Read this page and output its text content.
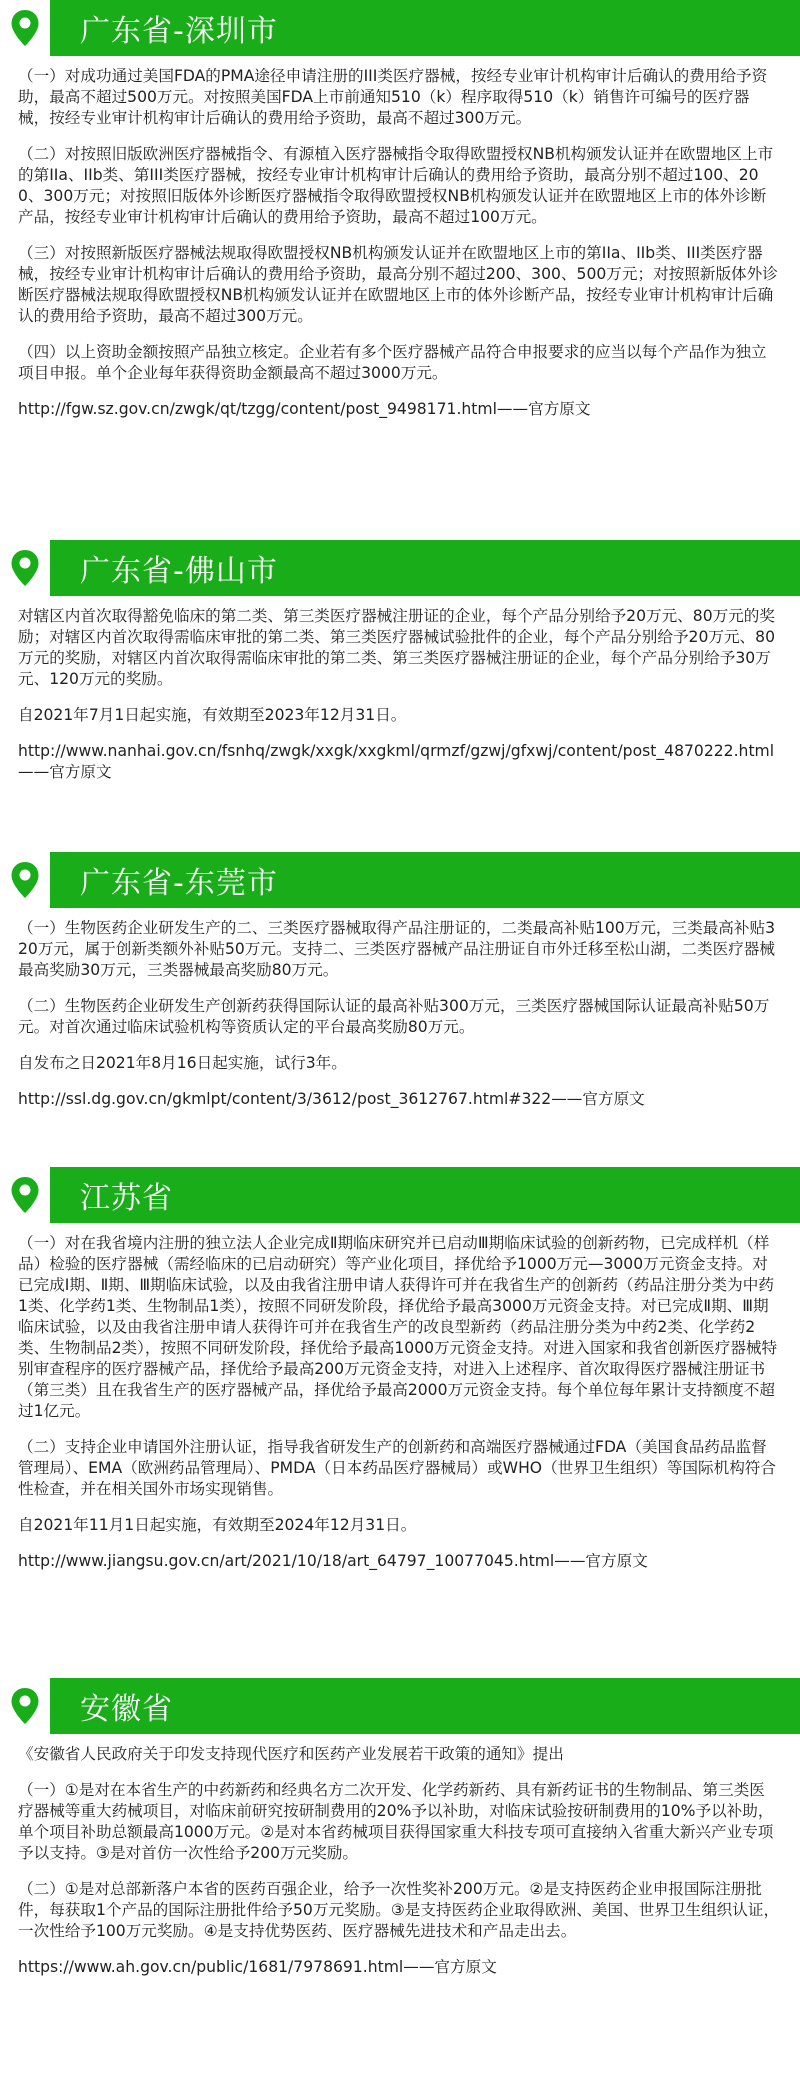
广东省-深圳市

（一）对成功通过美国FDA的PMA途径申请注册的III类医疗器械，按经专业审计机构审计后确认的费用给予资助，最高不超过500万元。对按照美国FDA上市前通知510（k）程序取得510（k）销售许可编号的医疗器械，按经专业审计机构审计后确认的费用给予资助，最高不超过300万元。

（二）对按照旧版欧洲医疗器械指令、有源植入医疗器械指令取得欧盟授权NB机构颁发认证并在欧盟地区上市的第IIa、IIb类、第III类医疗器械，按经专业审计机构审计后确认的费用给予资助，最高分别不超过100、200、300万元；对按照旧版体外诊断医疗器械指令取得欧盟授权NB机构颁发认证并在欧盟地区上市的体外诊断产品，按经专业审计机构审计后确认的费用给予资助，最高不超过100万元。

（三）对按照新版医疗器械法规取得欧盟授权NB机构颁发认证并在欧盟地区上市的第IIa、IIb类、III类医疗器械，按经专业审计机构审计后确认的费用给予资助，最高分别不超过200、300、500万元；对按照新版体外诊断医疗器械法规取得欧盟授权NB机构颁发认证并在欧盟地区上市的体外诊断产品，按经专业审计机构审计后确认的费用给予资助，最高不超过300万元。

（四）以上资助金额按照产品独立核定。企业若有多个医疗器械产品符合申报要求的应当以每个产品作为独立项目申报。单个企业每年获得资助金额最高不超过3000万元。

http://fgw.sz.gov.cn/zwgk/qt/tzgg/content/post_9498171.html——官方原文

广东省-佛山市

对辖区内首次取得豁免临床的第二类、第三类医疗器械注册证的企业，每个产品分别给予20万元、80万元的奖励；对辖区内首次取得需临床审批的第二类、第三类医疗器械试验批件的企业，每个产品分别给予20万元、80万元的奖励，对辖区内首次取得需临床审批的第二类、第三类医疗器械注册证的企业，每个产品分别给予30万元、120万元的奖励。

自2021年7月1日起实施，有效期至2023年12月31日。

http://www.nanhai.gov.cn/fsnhq/zwgk/xxgk/xxgkml/qrmzf/gzwj/gfxwj/content/post_4870222.html——官方原文

广东省-东莞市

（一）生物医药企业研发生产的二、三类医疗器械取得产品注册证的，二类最高补贴100万元，三类最高补贴320万元，属于创新类额外补贴50万元。支持二、三类医疗器械产品注册证自市外迁移至松山湖，二类医疗器械最高奖励30万元，三类器械最高奖励80万元。

（二）生物医药企业研发生产创新药获得国际认证的最高补贴300万元，三类医疗器械国际认证最高补贴50万元。对首次通过临床试验机构等资质认定的平台最高奖励80万元。

自发布之日2021年8月16日起实施，试行3年。

http://ssl.dg.gov.cn/gkmlpt/content/3/3612/post_3612767.html#322——官方原文

江苏省

（一）对在我省境内注册的独立法人企业完成Ⅱ期临床研究并已启动Ⅲ期临床试验的创新药物，已完成样机（样品）检验的医疗器械（需经临床的已启动研究）等产业化项目，择优给予1000万元—3000万元资金支持。对已完成Ⅰ期、Ⅱ期、Ⅲ期临床试验，以及由我省注册申请人获得许可并在我省生产的创新药（药品注册分类为中药1类、化学药1类、生物制品1类），按照不同研发阶段，择优给予最高3000万元资金支持。对已完成Ⅱ期、Ⅲ期临床试验，以及由我省注册申请人获得许可并在我省生产的改良型新药（药品注册分类为中药2类、化学药2类、生物制品2类），按照不同研发阶段，择优给予最高1000万元资金支持。对进入国家和我省创新医疗器械特别审查程序的医疗器械产品，择优给予最高200万元资金支持，对进入上述程序、首次取得医疗器械注册证书（第三类）且在我省生产的医疗器械产品，择优给予最高2000万元资金支持。每个单位每年累计支持额度不超过1亿元。

（二）支持企业申请国外注册认证，指导我省研发生产的创新药和高端医疗器械通过FDA（美国食品药品监督管理局）、EMA（欧洲药品管理局）、PMDA（日本药品医疗器械局）或WHO（世界卫生组织）等国际机构符合性检查，并在相关国外市场实现销售。

自2021年11月1日起实施，有效期至2024年12月31日。

http://www.jiangsu.gov.cn/art/2021/10/18/art_64797_10077045.html——官方原文

安徽省

《安徽省人民政府关于印发支持现代医疗和医药产业发展若干政策的通知》提出

（一）①是对在本省生产的中药新药和经典名方二次开发、化学药新药、具有新药证书的生物制品、第三类医疗器械等重大药械项目，对临床前研究按研制费用的20%予以补助，对临床试验按研制费用的10%予以补助，单个项目补助总额最高1000万元。②是对本省药械项目获得国家重大科技专项可直接纳入省重大新兴产业专项予以支持。③是对首仿一次性给予200万元奖励。

（二）①是对总部新落户本省的医药百强企业，给予一次性奖补200万元。②是支持医药企业申报国际注册批件，每获取1个产品的国际注册批件给予50万元奖励。③是支持医药企业取得欧洲、美国、世界卫生组织认证，一次性给予100万元奖励。④是支持优势医药、医疗器械先进技术和产品走出去。

https://www.ah.gov.cn/public/1681/7978691.html——官方原文
